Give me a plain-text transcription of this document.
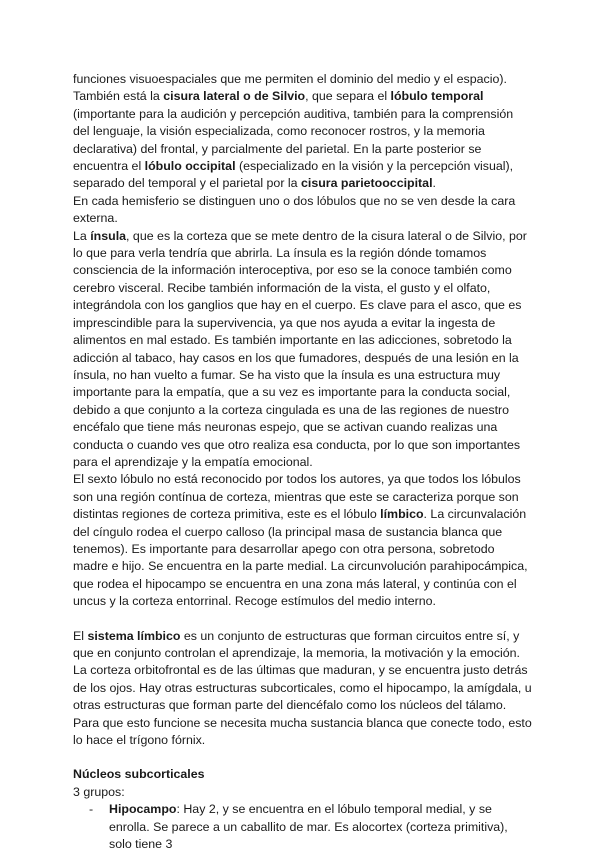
funciones visuoespaciales que me permiten el dominio del medio y el espacio). También está la cisura lateral o de Silvio, que separa el lóbulo temporal (importante para la audición y percepción auditiva, también para la comprensión del lenguaje, la visión especializada, como reconocer rostros, y la memoria declarativa) del frontal, y parcialmente del parietal. En la parte posterior se encuentra el lóbulo occipital (especializado en la visión y la percepción visual), separado del temporal y el parietal por la cisura parietooccipital.

En cada hemisferio se distinguen uno o dos lóbulos que no se ven desde la cara externa.

La ínsula, que es la corteza que se mete dentro de la cisura lateral o de Silvio, por lo que para verla tendría que abrirla. La ínsula es la región dónde tomamos consciencia de la información interoceptiva, por eso se la conoce también como cerebro visceral. Recibe también información de la vista, el gusto y el olfato, integrándola con los ganglios que hay en el cuerpo. Es clave para el asco, que es imprescindible para la supervivencia, ya que nos ayuda a evitar la ingesta de alimentos en mal estado. Es también importante en las adicciones, sobretodo la adicción al tabaco, hay casos en los que fumadores, después de una lesión en la ínsula, no han vuelto a fumar. Se ha visto que la ínsula es una estructura muy importante para la empatía, que a su vez es importante para la conducta social, debido a que conjunto a la corteza cingulada es una de las regiones de nuestro encéfalo que tiene más neuronas espejo, que se activan cuando realizas una conducta o cuando ves que otro realiza esa conducta, por lo que son importantes para el aprendizaje y la empatía emocional.

El sexto lóbulo no está reconocido por todos los autores, ya que todos los lóbulos son una región contínua de corteza, mientras que este se caracteriza porque son distintas regiones de corteza primitiva, este es el lóbulo límbico. La circunvalación del cíngulo rodea el cuerpo calloso (la principal masa de sustancia blanca que tenemos). Es importante para desarrollar apego con otra persona, sobretodo madre e hijo. Se encuentra en la parte medial. La circunvolución parahipocámpica, que rodea el hipocampo se encuentra en una zona más lateral, y continúa con el uncus y la corteza entorrinal. Recoge estímulos del medio interno.

El sistema límbico es un conjunto de estructuras que forman circuitos entre sí, y que en conjunto controlan el aprendizaje, la memoria, la motivación y la emoción. La corteza orbitofrontal es de las últimas que maduran, y se encuentra justo detrás de los ojos. Hay otras estructuras subcorticales, como el hipocampo, la amígdala, u otras estructuras que forman parte del diencéfalo como los núcleos del tálamo. Para que esto funcione se necesita mucha sustancia blanca que conecte todo, esto lo hace el trígono fórnix.

Núcleos subcorticales

3 grupos:

- Hipocampo: Hay 2, y se encuentra en el lóbulo temporal medial, y se enrolla. Se parece a un caballito de mar. Es alocortex (corteza primitiva), solo tiene 3
